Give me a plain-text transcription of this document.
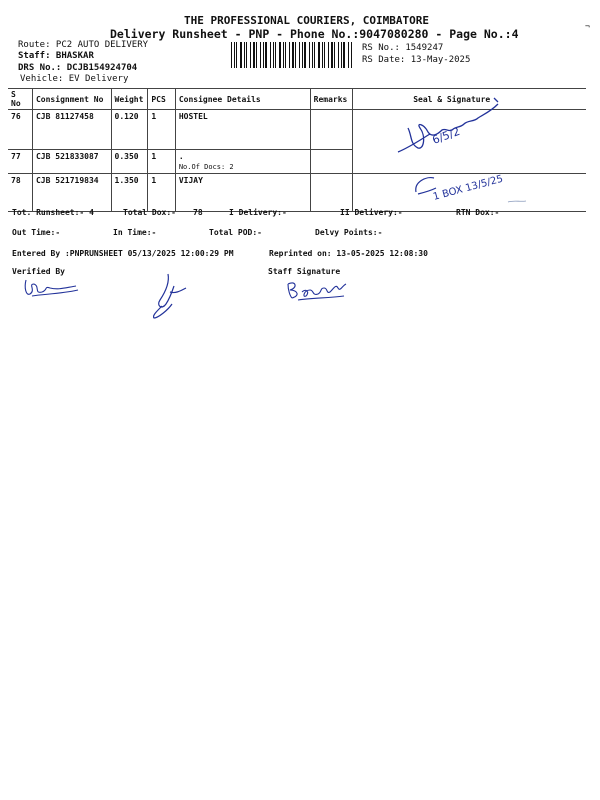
THE PROFESSIONAL COURIERS, COIMBATORE
Delivery Runsheet - PNP - Phone No.:9047080280 - Page No.:4
Route: PC2 AUTO DELIVERY
Staff: BHASKAR
DRS No.: DCJB154924704
Vehicle: EV Delivery
RS No.: 1549247
RS Date: 13-May-2025
¬
S No	Consignment No	Weight	PCS	Consignee Details	Remarks	Seal & Signature
76	CJB 81127458	0.120	1	HOSTEL		
77	CJB 521833087	0.350	1	.
No.Of Docs: 2		

78	CJB 521719834	1.350	1	VIJAY		
6/5/2
1 BOX 13/5/25
Tot. Runsheet:- 4	Total Dox:- 78	I Delivery:-	II Delivery:-	RTN Dox:-
Out Time:-	In Time:-	Total POD:-	Delvy Points:-
Entered By :PNPRUNSHEET 05/13/2025 12:00:29 PM	Reprinted on: 13-05-2025 12:08:30
Verified By	Staff Signature
